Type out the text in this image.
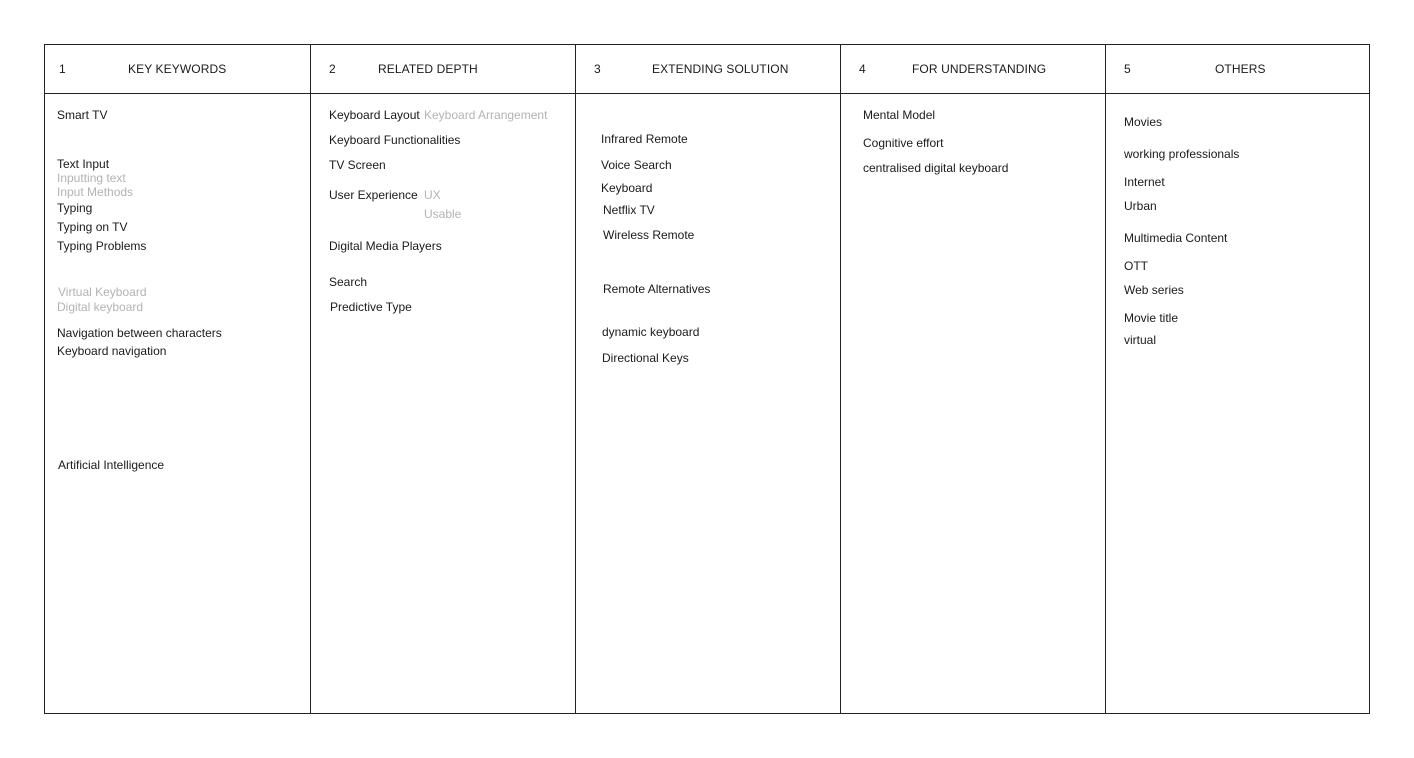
1	KEY KEYWORDS
Smart TV
Text Input
Inputting text
Input Methods
Typing
Typing on TV
Typing Problems
Virtual Keyboard
Digital keyboard
Navigation between characters
Keyboard navigation
Artificial Intelligence
2	RELATED DEPTH
Keyboard Layout Keyboard Arrangement
Keyboard Functionalities
TV Screen
User Experience UX
Usable
Digital Media Players
Search
Predictive Type
3	EXTENDING SOLUTION
Infrared Remote
Voice Search
Keyboard
Netflix TV
Wireless Remote
Remote Alternatives
dynamic keyboard
Directional Keys
4	FOR UNDERSTANDING
Mental Model
Cognitive effort
centralised digital keyboard
5	OTHERS
Movies
working professionals
Internet
Urban
Multimedia Content
OTT
Web series
Movie title
virtual
